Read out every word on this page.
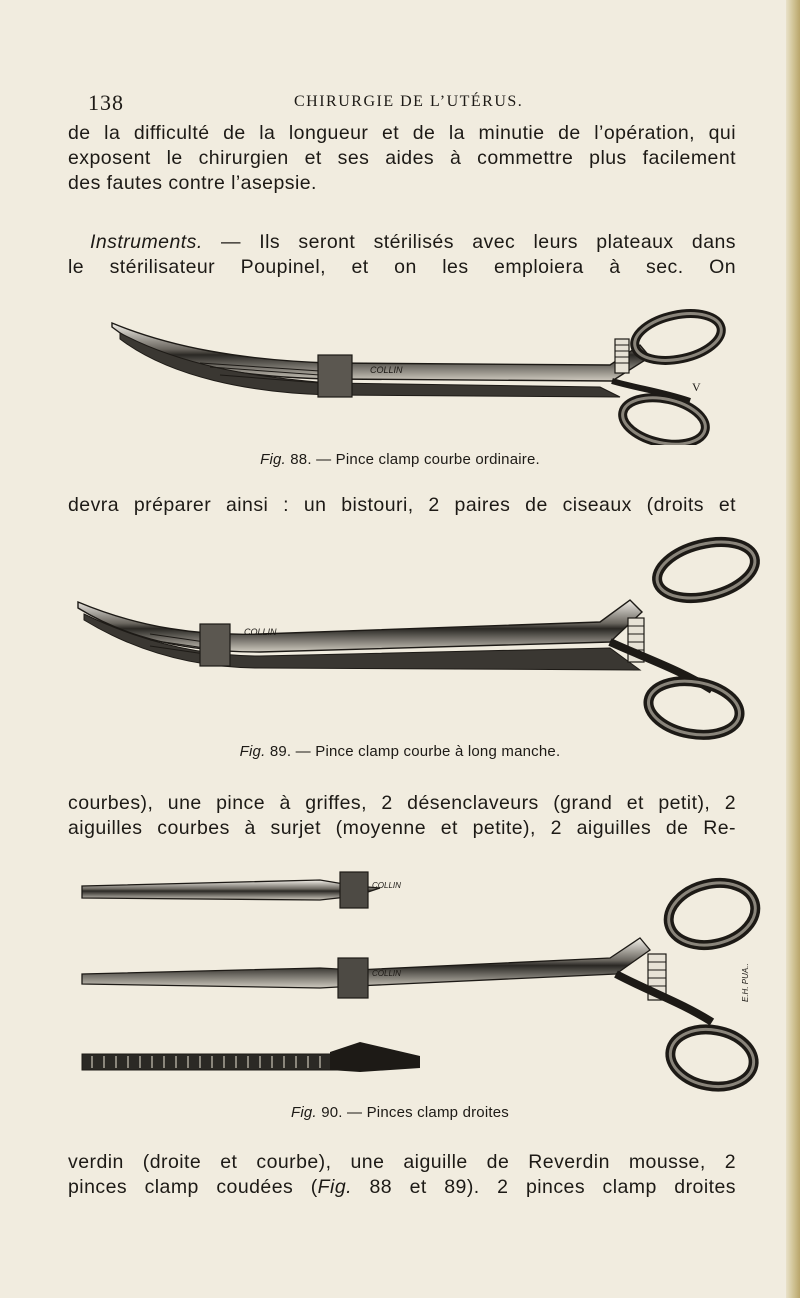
138	CHIRURGIE DE L’UTÉRUS.
de la difficulté de la longueur et de la minutie de l’opération, qui
exposent le chirurgien et ses aides à commettre plus facilement
des fautes contre l’asepsie.
Instruments. — Ils seront stérilisés avec leurs plateaux dans
le stérilisateur Poupinel, et on les emploiera à sec. On
COLLIN
V
Fig. 88. — Pince clamp courbe ordinaire.
devra préparer ainsi : un bistouri, 2 paires de ciseaux (droits et
COLLIN
Fig. 89. — Pince clamp courbe à long manche.
courbes), une pince à griffes, 2 désenclaveurs (grand et petit), 2
aiguilles courbes à surjet (moyenne et petite), 2 aiguilles de Re-
COLLIN
COLLIN	E.H. PUA..
Fig. 90. — Pinces clamp droites
verdin (droite et courbe), une aiguille de Reverdin mousse, 2
pinces clamp coudées (Fig. 88 et 89). 2 pinces clamp droites
